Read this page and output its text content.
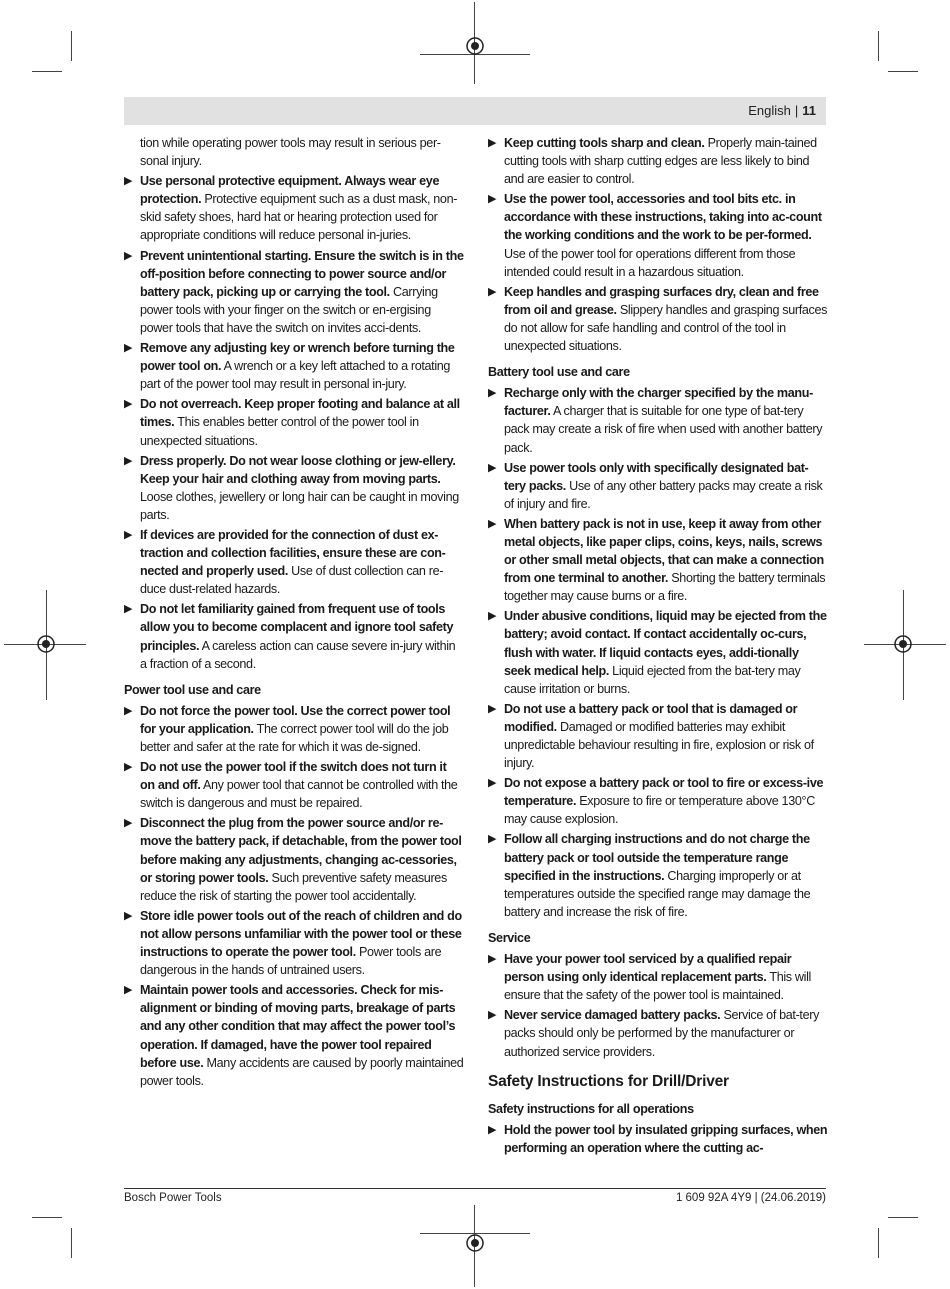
English | 11

tion while operating power tools may result in serious per-sonal injury.

▶ Use personal protective equipment. Always wear eye protection. Protective equipment such as a dust mask, non-skid safety shoes, hard hat or hearing protection used for appropriate conditions will reduce personal in-juries.
▶ Prevent unintentional starting. Ensure the switch is in the off-position before connecting to power source and/or battery pack, picking up or carrying the tool. Carrying power tools with your finger on the switch or en-ergising power tools that have the switch on invites acci-dents.
▶ Remove any adjusting key or wrench before turning the power tool on. A wrench or a key left attached to a rotating part of the power tool may result in personal in-jury.
▶ Do not overreach. Keep proper footing and balance at all times. This enables better control of the power tool in unexpected situations.
▶ Dress properly. Do not wear loose clothing or jew-ellery. Keep your hair and clothing away from moving parts. Loose clothes, jewellery or long hair can be caught in moving parts.
▶ If devices are provided for the connection of dust ex-traction and collection facilities, ensure these are con-nected and properly used. Use of dust collection can re-duce dust-related hazards.
▶ Do not let familiarity gained from frequent use of tools allow you to become complacent and ignore tool safety principles. A careless action can cause severe in-jury within a fraction of a second.
Power tool use and care
▶ Do not force the power tool. Use the correct power tool for your application. The correct power tool will do the job better and safer at the rate for which it was de-signed.
▶ Do not use the power tool if the switch does not turn it on and off. Any power tool that cannot be controlled with the switch is dangerous and must be repaired.
▶ Disconnect the plug from the power source and/or re-move the battery pack, if detachable, from the power tool before making any adjustments, changing ac-cessories, or storing power tools. Such preventive safety measures reduce the risk of starting the power tool accidentally.
▶ Store idle power tools out of the reach of children and do not allow persons unfamiliar with the power tool or these instructions to operate the power tool. Power tools are dangerous in the hands of untrained users.
▶ Maintain power tools and accessories. Check for mis-alignment or binding of moving parts, breakage of parts and any other condition that may affect the power tool’s operation. If damaged, have the power tool repaired before use. Many accidents are caused by poorly maintained power tools.
▶ Keep cutting tools sharp and clean. Properly main-tained cutting tools with sharp cutting edges are less likely to bind and are easier to control.
▶ Use the power tool, accessories and tool bits etc. in accordance with these instructions, taking into ac-count the working conditions and the work to be per-formed. Use of the power tool for operations different from those intended could result in a hazardous situation.
▶ Keep handles and grasping surfaces dry, clean and free from oil and grease. Slippery handles and grasping surfaces do not allow for safe handling and control of the tool in unexpected situations.
Battery tool use and care
▶ Recharge only with the charger specified by the manu-facturer. A charger that is suitable for one type of bat-tery pack may create a risk of fire when used with another battery pack.
▶ Use power tools only with specifically designated bat-tery packs. Use of any other battery packs may create a risk of injury and fire.
▶ When battery pack is not in use, keep it away from other metal objects, like paper clips, coins, keys, nails, screws or other small metal objects, that can make a connection from one terminal to another. Shorting the battery terminals together may cause burns or a fire.
▶ Under abusive conditions, liquid may be ejected from the battery; avoid contact. If contact accidentally oc-curs, flush with water. If liquid contacts eyes, addi-tionally seek medical help. Liquid ejected from the bat-tery may cause irritation or burns.
▶ Do not use a battery pack or tool that is damaged or modified. Damaged or modified batteries may exhibit unpredictable behaviour resulting in fire, explosion or risk of injury.
▶ Do not expose a battery pack or tool to fire or excess-ive temperature. Exposure to fire or temperature above 130°C may cause explosion.
▶ Follow all charging instructions and do not charge the battery pack or tool outside the temperature range specified in the instructions. Charging improperly or at temperatures outside the specified range may damage the battery and increase the risk of fire.
Service
▶ Have your power tool serviced by a qualified repair person using only identical replacement parts. This will ensure that the safety of the power tool is maintained.
▶ Never service damaged battery packs. Service of bat-tery packs should only be performed by the manufacturer or authorized service providers.
Safety Instructions for Drill/Driver
Safety instructions for all operations
▶ Hold the power tool by insulated gripping surfaces, when performing an operation where the cutting ac-
Bosch Power Tools	1 609 92A 4Y9 | (24.06.2019)
